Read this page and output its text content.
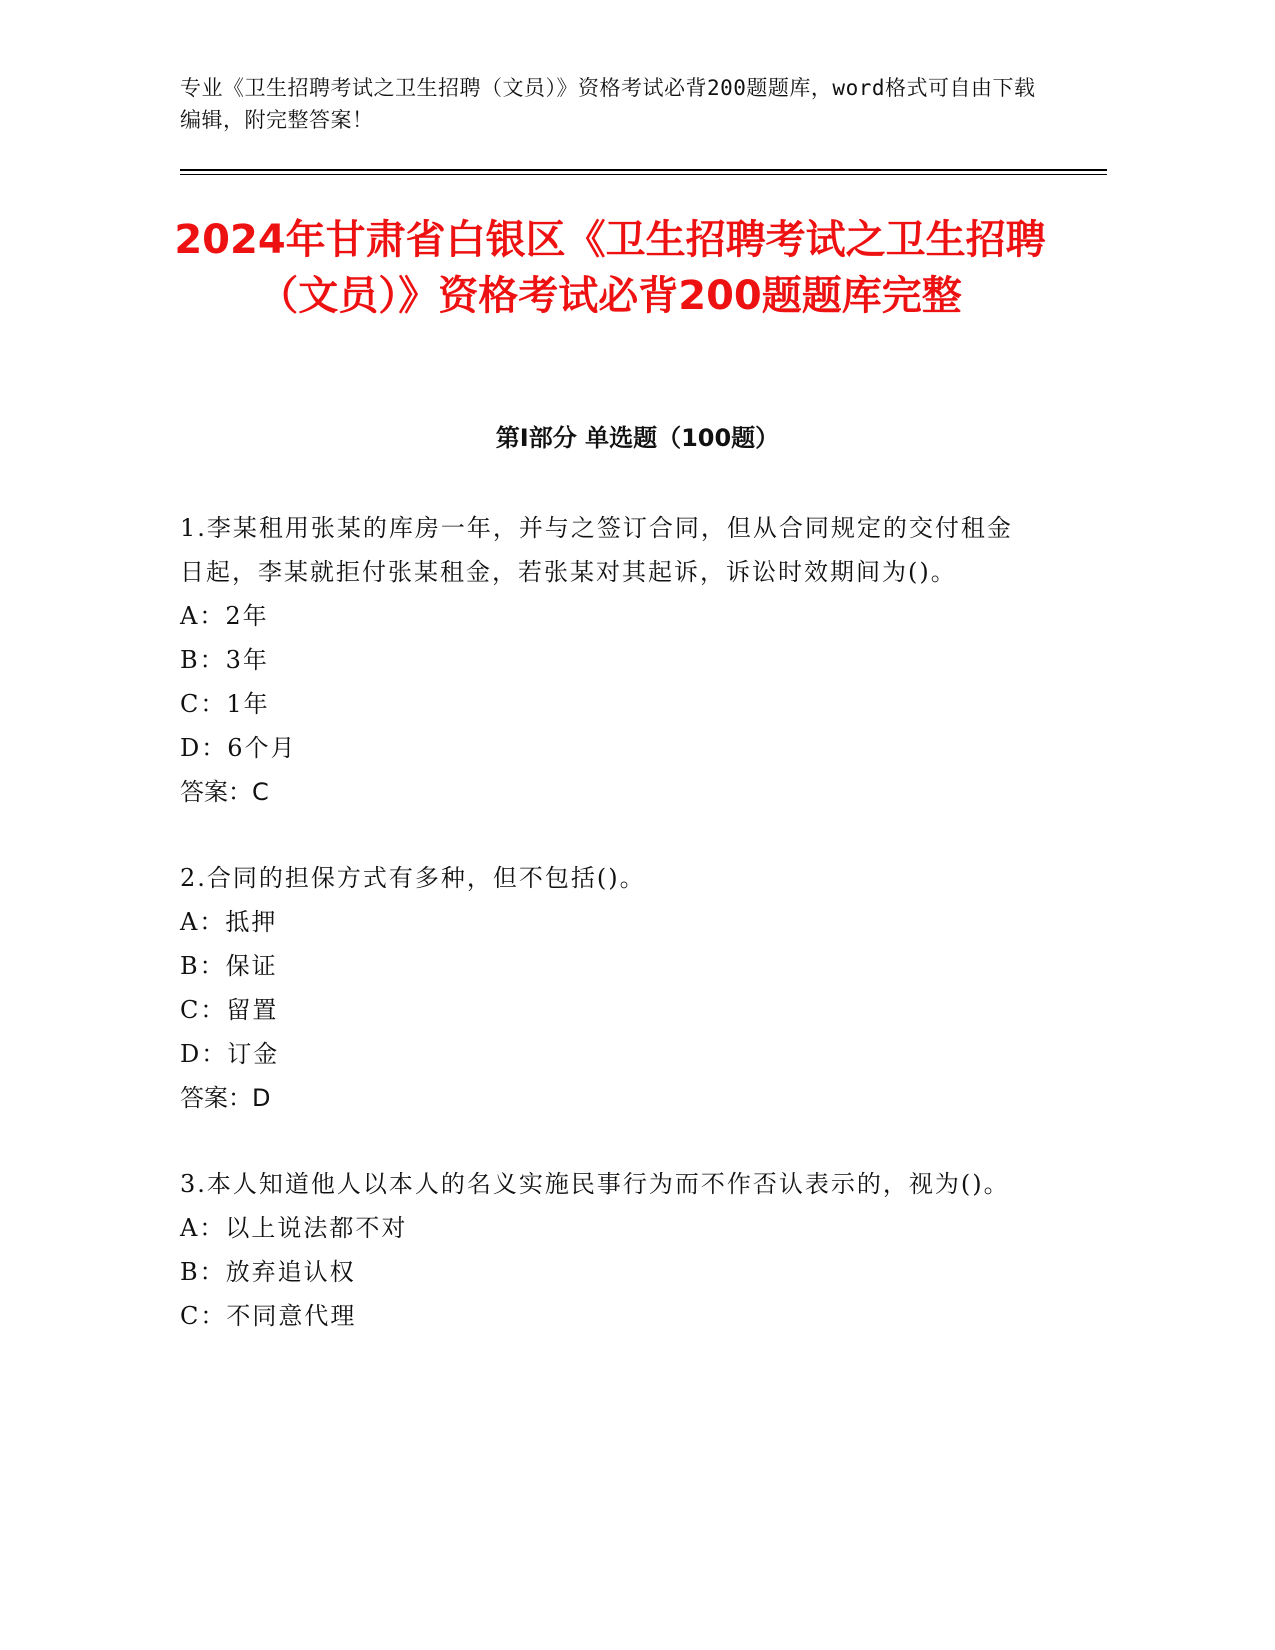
专业《卫生招聘考试之卫生招聘（文员）》资格考试必背200题题库，word格式可自由下载编辑，附完整答案！
2024年甘肃省白银区《卫生招聘考试之卫生招聘（文员）》资格考试必背200题题库完整
第I部分 单选题（100题）
1.李某租用张某的库房一年，并与之签订合同，但从合同规定的交付租金日起，李某就拒付张某租金，若张某对其起诉，诉讼时效期间为()。
A：2年
B：3年
C：1年
D：6个月
答案：C
2.合同的担保方式有多种，但不包括()。
A：抵押
B：保证
C：留置
D：订金
答案：D
3.本人知道他人以本人的名义实施民事行为而不作否认表示的，视为()。
A：以上说法都不对
B：放弃追认权
C：不同意代理
